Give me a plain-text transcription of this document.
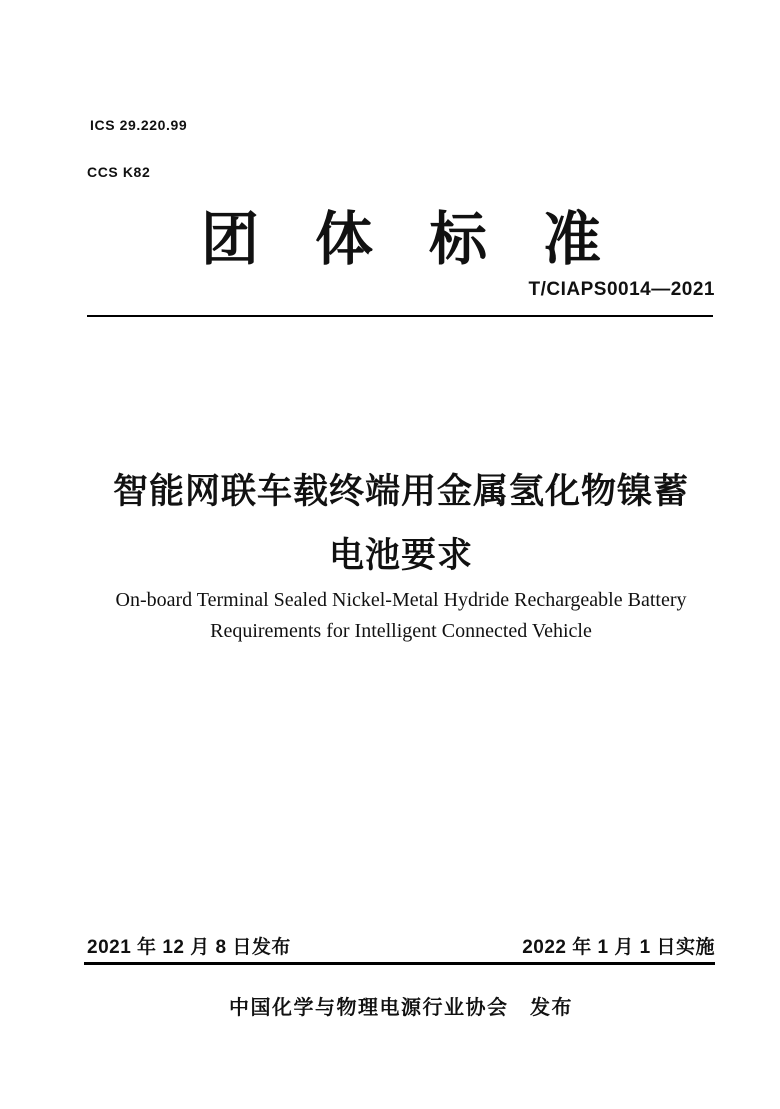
ICS 29.220.99

CCS K82

团体标准
T/CIAPS0014—2021
智能网联车载终端用金属氢化物镍蓄
电池要求
On-board Terminal Sealed Nickel-Metal Hydride Rechargeable Battery
Requirements for Intelligent Connected Vehicle
2021 年 12 月 8 日发布	2022 年 1 月 1 日实施
中国化学与物理电源行业协会　发布
